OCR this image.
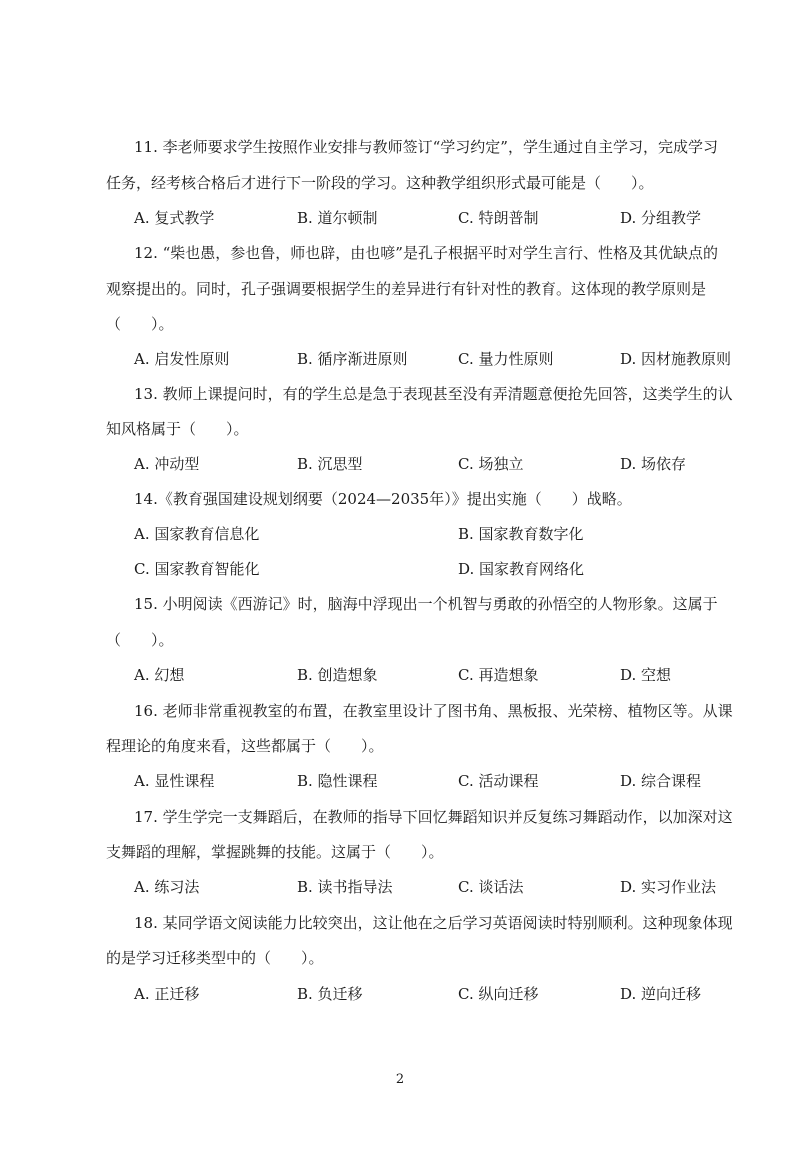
11. 李老师要求学生按照作业安排与教师签订“学习约定”，学生通过自主学习，完成学习
任务，经考核合格后才进行下一阶段的学习。这种教学组织形式最可能是（　　）。
A. 复式教学	B. 道尔顿制	C. 特朗普制	D. 分组教学
12. “柴也愚，参也鲁，师也辟，由也喭”是孔子根据平时对学生言行、性格及其优缺点的
观察提出的。同时，孔子强调要根据学生的差异进行有针对性的教育。这体现的教学原则是
（　　）。
A. 启发性原则	B. 循序渐进原则	C. 量力性原则	D. 因材施教原则
13. 教师上课提问时，有的学生总是急于表现甚至没有弄清题意便抢先回答，这类学生的认
知风格属于（　　）。
A. 冲动型	B. 沉思型	C. 场独立	D. 场依存
14.《教育强国建设规划纲要（2024—2035年）》提出实施（　　）战略。
A. 国家教育信息化	B. 国家教育数字化
C. 国家教育智能化	D. 国家教育网络化
15. 小明阅读《西游记》时，脑海中浮现出一个机智与勇敢的孙悟空的人物形象。这属于
（　　）。
A. 幻想	B. 创造想象	C. 再造想象	D. 空想
16. 老师非常重视教室的布置，在教室里设计了图书角、黑板报、光荣榜、植物区等。从课
程理论的角度来看，这些都属于（　　）。
A. 显性课程	B. 隐性课程	C. 活动课程	D. 综合课程
17. 学生学完一支舞蹈后，在教师的指导下回忆舞蹈知识并反复练习舞蹈动作，以加深对这
支舞蹈的理解，掌握跳舞的技能。这属于（　　）。
A. 练习法	B. 读书指导法	C. 谈话法	D. 实习作业法
18. 某同学语文阅读能力比较突出，这让他在之后学习英语阅读时特别顺利。这种现象体现
的是学习迁移类型中的（　　）。
A. 正迁移	B. 负迁移	C. 纵向迁移	D. 逆向迁移
2
